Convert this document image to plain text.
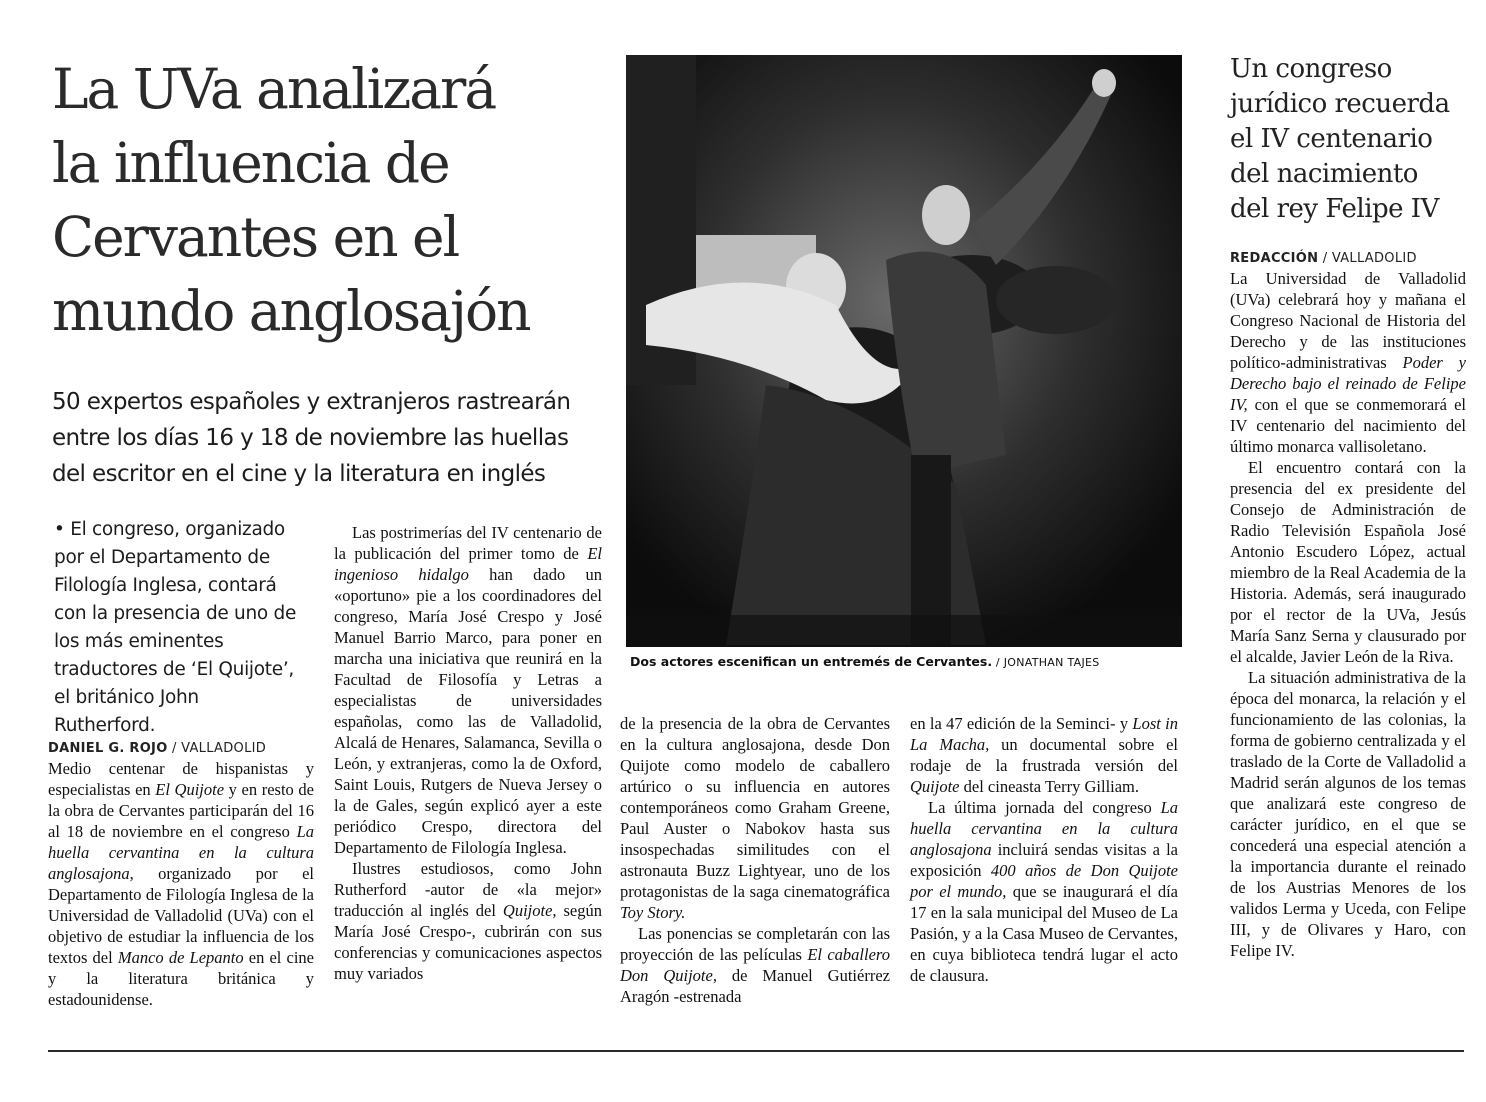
La UVa analizará
la influencia de
Cervantes en el
mundo anglosajón
50 expertos españoles y extranjeros rastrearán
entre los días 16 y 18 de noviembre las huellas
del escritor en el cine y la literatura en inglés
• El congreso, organizado por el Departamento de Filología Inglesa, contará con la presencia de uno de los más eminentes traductores de ‘El Quijote’, el británico John Rutherford.
DANIEL G. ROJO / VALLADOLID

Medio centenar de hispanistas y especialistas en El Quijote y en resto de la obra de Cervantes participarán del 16 al 18 de noviembre en el congreso La huella cervantina en la cultura anglosajona, organizado por el Departamento de Filología Inglesa de la Universidad de Valladolid (UVa) con el objetivo de estudiar la influencia de los textos del Manco de Lepanto en el cine y la literatura británica y estadounidense.

Las postrimerías del IV centenario de la publicación del primer tomo de El ingenioso hidalgo han dado un «oportuno» pie a los coordinadores del congreso, María José Crespo y José Manuel Barrio Marco, para poner en marcha una iniciativa que reunirá en la Facultad de Filosofía y Letras a especialistas de universidades españolas, como las de Valladolid, Alcalá de Henares, Salamanca, Sevilla o León, y extranjeras, como la de Oxford, Saint Louis, Rutgers de Nueva Jersey o la de Gales, según explicó ayer a este periódico Crespo, directora del Departamento de Filología Inglesa.

Ilustres estudiosos, como John Rutherford -autor de «la mejor» traducción al inglés del Quijote, según María José Crespo-, cubrirán con sus conferencias y comunicaciones aspectos muy variados

Dos actores escenifican un entremés de Cervantes. / JONATHAN TAJES

de la presencia de la obra de Cervantes en la cultura anglosajona, desde Don Quijote como modelo de caballero artúrico o su influencia en autores contemporáneos como Graham Greene, Paul Auster o Nabokov hasta sus insospechadas similitudes con el astronauta Buzz Lightyear, uno de los protagonistas de la saga cinematográfica Toy Story.

Las ponencias se completarán con las proyección de las películas El caballero Don Quijote, de Manuel Gutiérrez Aragón -estrenada

en la 47 edición de la Seminci- y Lost in La Macha, un documental sobre el rodaje de la frustrada versión del Quijote del cineasta Terry Gilliam.

La última jornada del congreso La huella cervantina en la cultura anglosajona incluirá sendas visitas a la exposición 400 años de Don Quijote por el mundo, que se inaugurará el día 17 en la sala municipal del Museo de La Pasión, y a la Casa Museo de Cervantes, en cuya biblioteca tendrá lugar el acto de clausura.

Un congreso
jurídico recuerda
el IV centenario
del nacimiento
del rey Felipe IV
REDACCIÓN / VALLADOLID

La Universidad de Valladolid (UVa) celebrará hoy y mañana el Congreso Nacional de Historia del Derecho y de las instituciones político-administrativas Poder y Derecho bajo el reinado de Felipe IV, con el que se conmemorará el IV centenario del nacimiento del último monarca vallisoletano.

El encuentro contará con la presencia del ex presidente del Consejo de Administración de Radio Televisión Española José Antonio Escudero López, actual miembro de la Real Academia de la Historia. Además, será inaugurado por el rector de la UVa, Jesús María Sanz Serna y clausurado por el alcalde, Javier León de la Riva.

La situación administrativa de la época del monarca, la relación y el funcionamiento de las colonias, la forma de gobierno centralizada y el traslado de la Corte de Valladolid a Madrid serán algunos de los temas que analizará este congreso de carácter jurídico, en el que se concederá una especial atención a la importancia durante el reinado de los Austrias Menores de los validos Lerma y Uceda, con Felipe III, y de Olivares y Haro, con Felipe IV.
